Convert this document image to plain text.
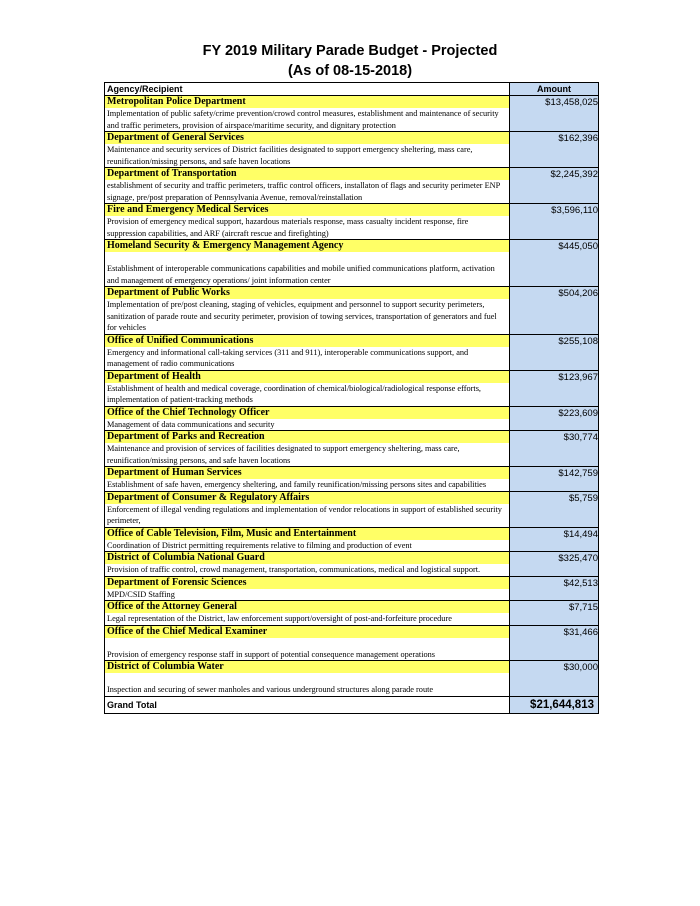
FY 2019 Military Parade Budget - Projected
(As of 08-15-2018)
Agency/Recipient	Amount

Metropolitan Police Department
Implementation of public safety/crime prevention/crowd control measures, establishment and maintenance of security and traffic perimeters, provision of airspace/maritime security, and dignitary protection	$13,458,025

Department of General Services
Maintenance and security services of District facilities designated to support emergency sheltering, mass care, reunification/missing persons, and safe haven locations	$162,396

Department of Transportation
establishment of security and traffic perimeters, traffic control officers, installaton of flags and security perimeter ENP signage, pre/post preparation of Pennsylvania Avenue, removal/reinstallation	$2,245,392

Fire and Emergency Medical Services
Provision of emergency medical support, hazardous materials response, mass casualty incident response, fire suppression capabilities, and ARF (aircraft rescue and firefighting)	$3,596,110

Homeland Security & Emergency Management Agency
Establishment of interoperable communications capabilities and mobile unified communications platform, activation and management of emergency operations/ joint information center	$445,050

Department of Public Works
Implementation of pre/post cleaning, staging of vehicles, equipment and personnel to support security perimeters, sanitization of parade route and security perimeter, provision of towing services, transportation of generators and fuel for vehicles	$504,206

Office of Unified Communications
Emergency and informational call-taking services (311 and 911), interoperable communications support, and management of radio communications	$255,108

Department of Health
Establishment of health and medical coverage, coordination of chemical/biological/radiological response efforts, implementation of patient-tracking methods	$123,967

Office of the Chief Technology Officer
Management of data communications and security	$223,609

Department of Parks and Recreation
Maintenance and provision of services of facilities designated to support emergency sheltering, mass care, reunification/missing persons, and safe haven locations	$30,774

Department of Human Services
Establishment of safe haven, emergency sheltering, and family reunification/missing persons sites and capabilities	$142,759

Department of Consumer & Regulatory Affairs
Enforcement of illegal vending regulations and implementation of vendor relocations in support of established security perimeter,	$5,759

Office of Cable Television, Film, Music and Entertainment
Coordination of District permitting requirements relative to filming and production of event	$14,494

District of Columbia National Guard
Provision of traffic control, crowd management, transportation, communications, medical and logistical support.	$325,470

Department of Forensic Sciences
MPD/CSID Staffing	$42,513

Office of the Attorney General
Legal representation of the District, law enforcement support/oversight of post-and-forfeiture procedure	$7,715

Office of the Chief Medical Examiner
Provision of emergency response staff in support of potential consequence management operations	$31,466

District of Columbia Water
Inspection and securing of sewer manholes and various underground structures along parade route	$30,000
Grand Total	$21,644,813
